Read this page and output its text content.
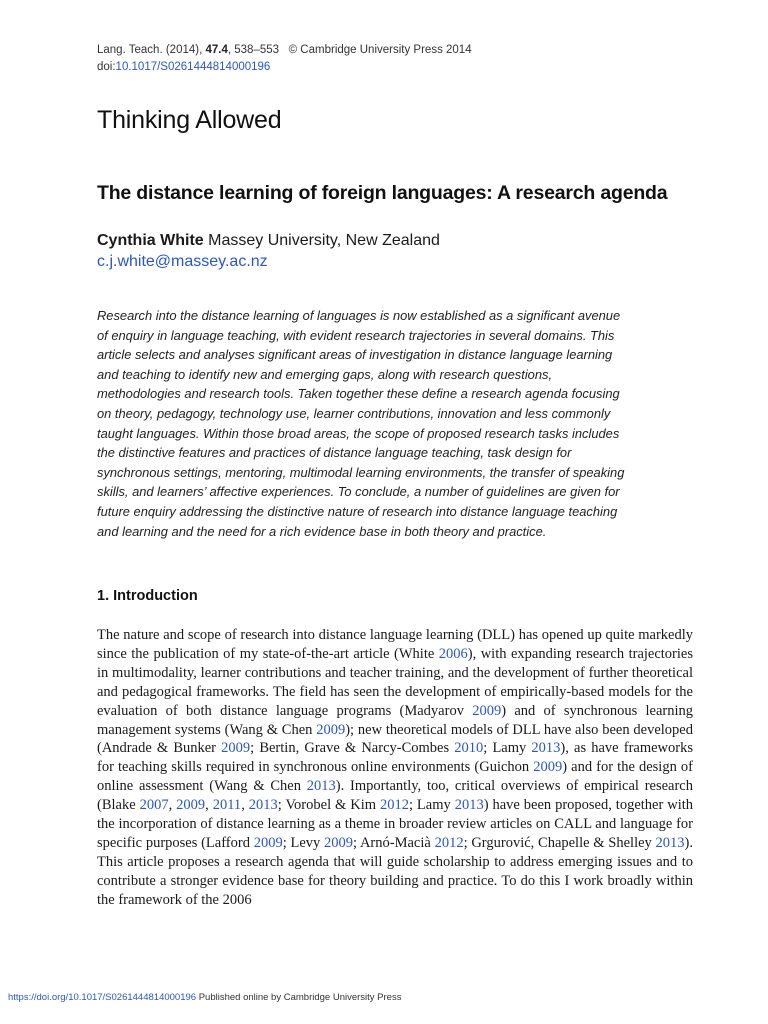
Lang. Teach. (2014), 47.4, 538–553 © Cambridge University Press 2014
doi:10.1017/S0261444814000196
Thinking Allowed
The distance learning of foreign languages: A research agenda
Cynthia White Massey University, New Zealand
c.j.white@massey.ac.nz

Research into the distance learning of languages is now established as a significant avenue of enquiry in language teaching, with evident research trajectories in several domains. This article selects and analyses significant areas of investigation in distance language learning and teaching to identify new and emerging gaps, along with research questions, methodologies and research tools. Taken together these define a research agenda focusing on theory, pedagogy, technology use, learner contributions, innovation and less commonly taught languages. Within those broad areas, the scope of proposed research tasks includes the distinctive features and practices of distance language teaching, task design for synchronous settings, mentoring, multimodal learning environments, the transfer of speaking skills, and learners’ affective experiences. To conclude, a number of guidelines are given for future enquiry addressing the distinctive nature of research into distance language teaching and learning and the need for a rich evidence base in both theory and practice.

1. Introduction

The nature and scope of research into distance language learning (DLL) has opened up quite markedly since the publication of my state-of-the-art article (White 2006), with expanding research trajectories in multimodality, learner contributions and teacher training, and the development of further theoretical and pedagogical frameworks. The field has seen the development of empirically-based models for the evaluation of both distance language programs (Madyarov 2009) and of synchronous learning management systems (Wang & Chen 2009); new theoretical models of DLL have also been developed (Andrade & Bunker 2009; Bertin, Grave & Narcy-Combes 2010; Lamy 2013), as have frameworks for teaching skills required in synchronous online environments (Guichon 2009) and for the design of online assessment (Wang & Chen 2013). Importantly, too, critical overviews of empirical research (Blake 2007, 2009, 2011, 2013; Vorobel & Kim 2012; Lamy 2013) have been proposed, together with the incorporation of distance learning as a theme in broader review articles on CALL and language for specific purposes (Lafford 2009; Levy 2009; Arnó-Macià 2012; Grgurović, Chapelle & Shelley 2013). This article proposes a research agenda that will guide scholarship to address emerging issues and to contribute a stronger evidence base for theory building and practice. To do this I work broadly within the framework of the 2006

https://doi.org/10.1017/S0261444814000196 Published online by Cambridge University Press
